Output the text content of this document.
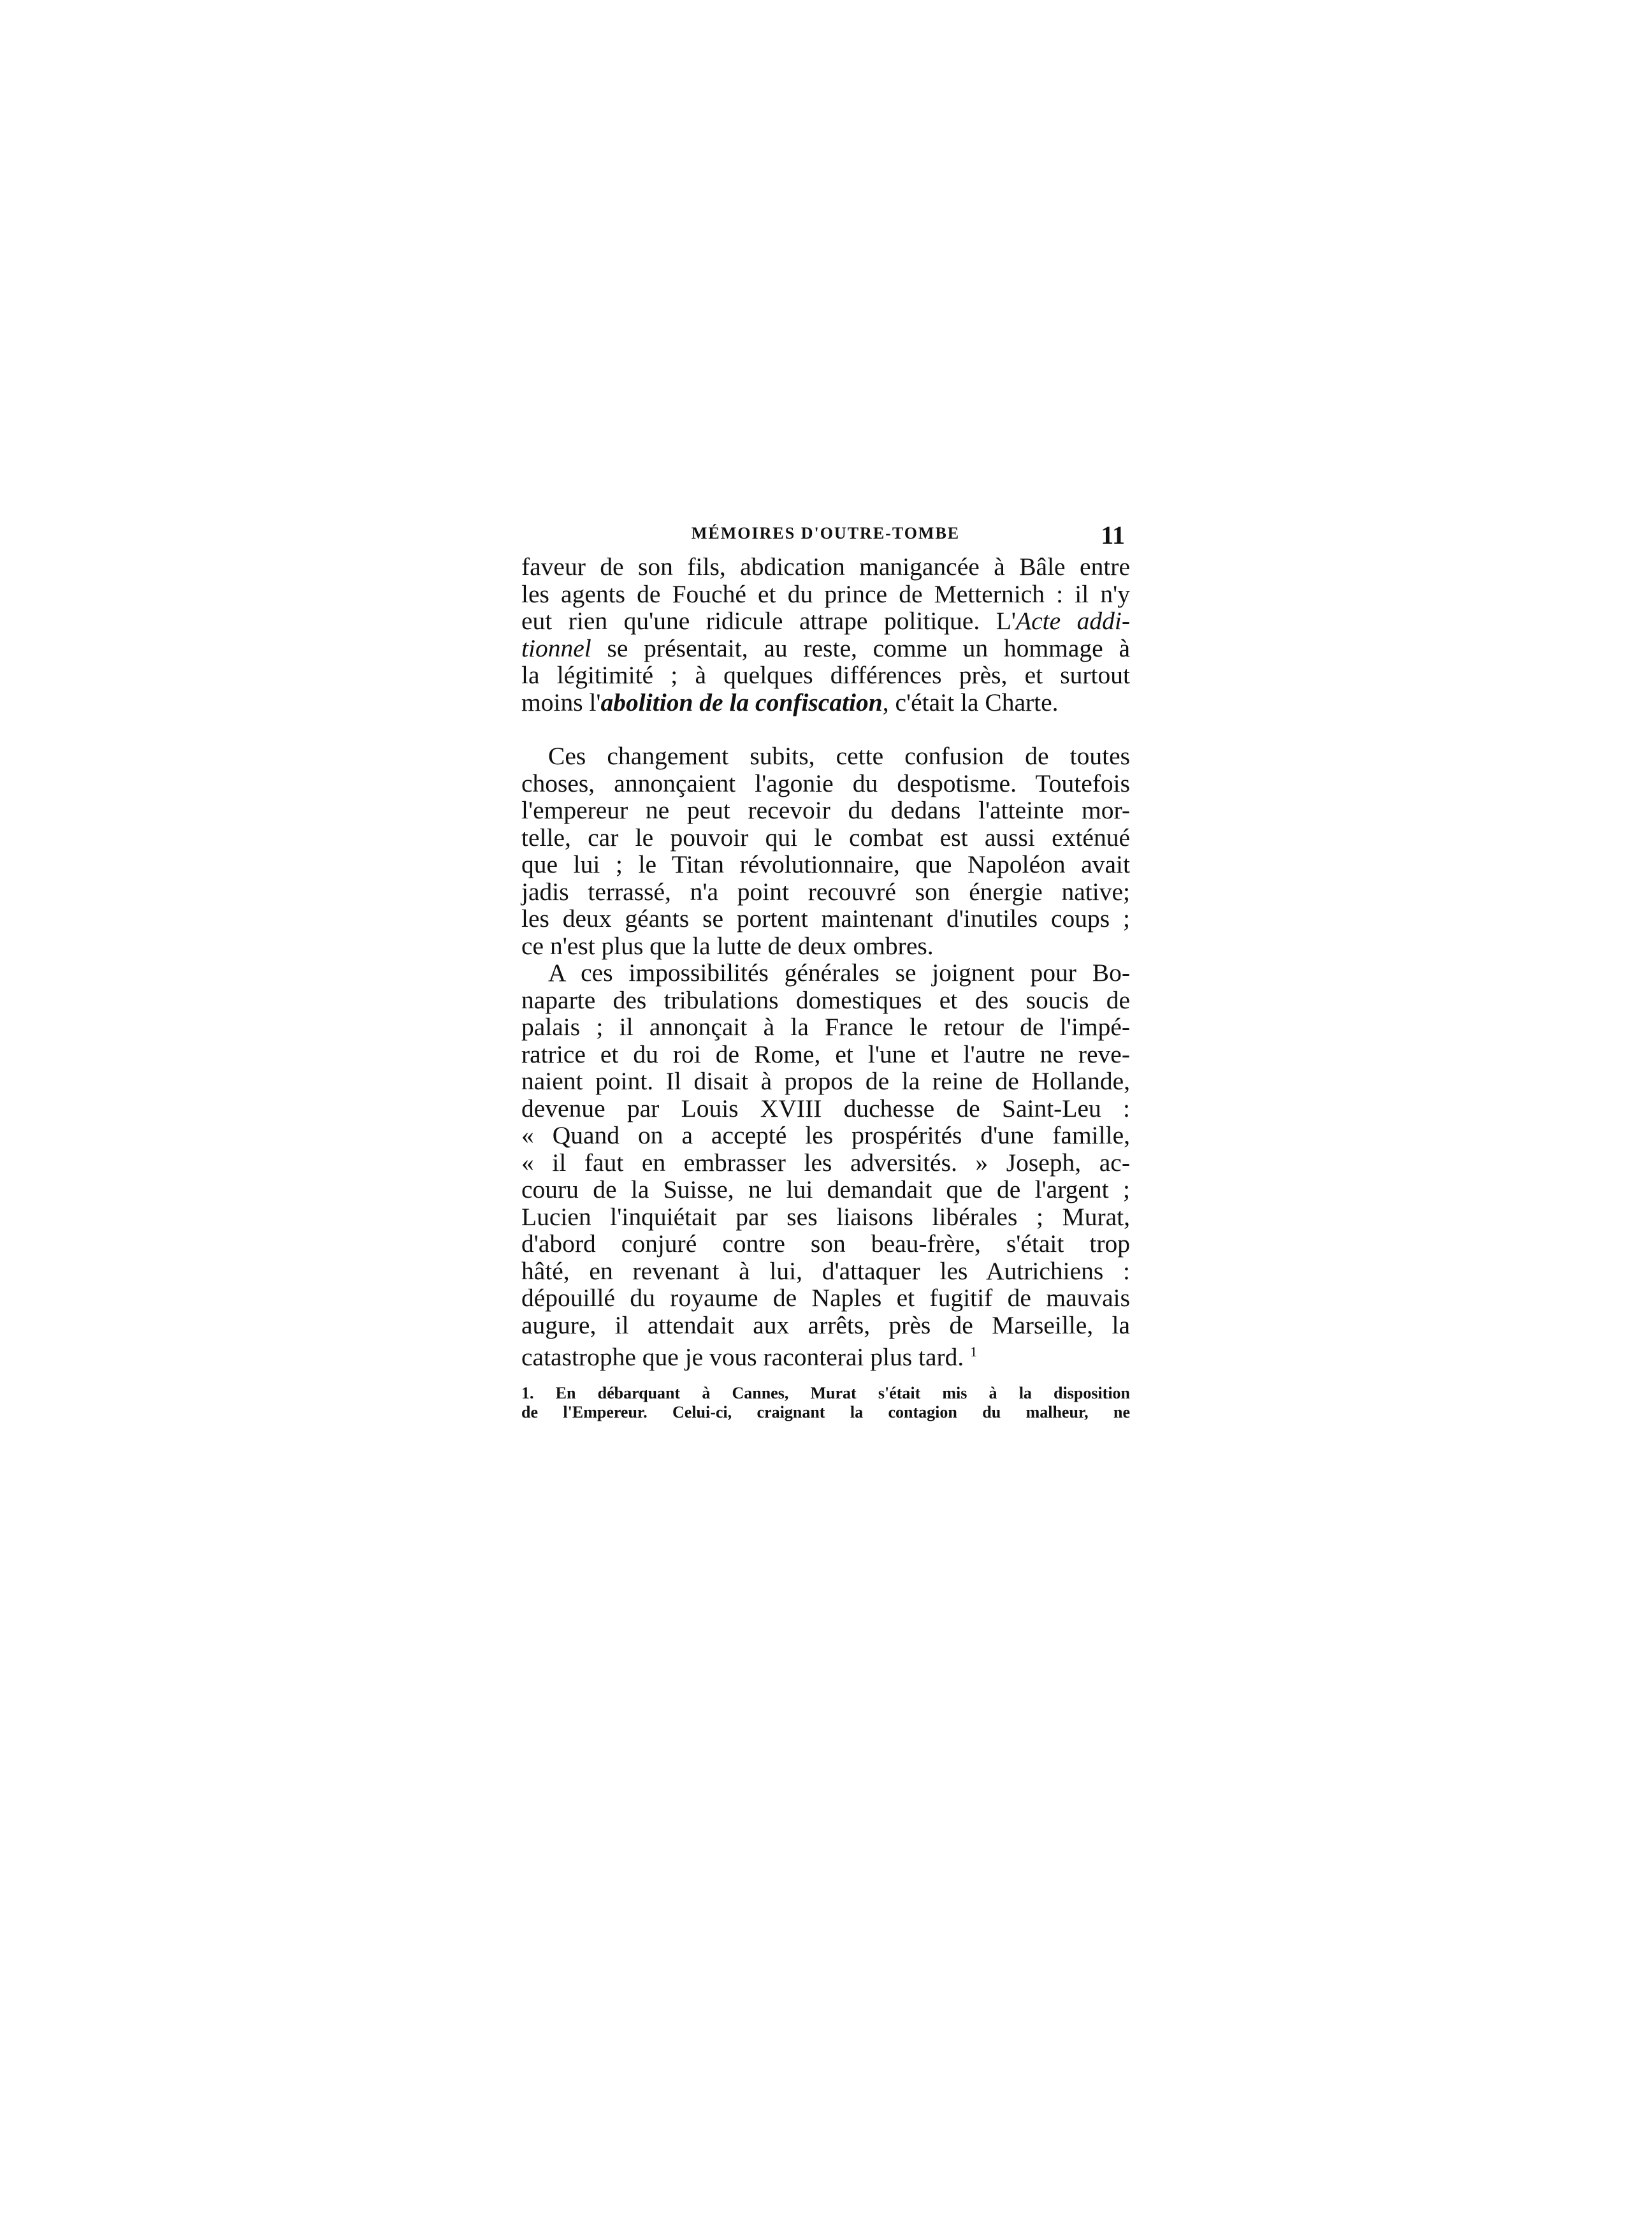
MÉMOIRES D'OUTRE-TOMBE	11

faveur de son fils, abdication manigancée à Bâle entre
les agents de Fouché et du prince de Metternich : il n'y
eut rien qu'une ridicule attrape politique. L'Acte addi-
tionnel se présentait, au reste, comme un hommage à
la légitimité ; à quelques différences près, et surtout
moins l'abolition de la confiscation, c'était la Charte.

Ces changement subits, cette confusion de toutes
choses, annonçaient l'agonie du despotisme. Toutefois
l'empereur ne peut recevoir du dedans l'atteinte mor-
telle, car le pouvoir qui le combat est aussi exténué
que lui ; le Titan révolutionnaire, que Napoléon avait
jadis terrassé, n'a point recouvré son énergie native;
les deux géants se portent maintenant d'inutiles coups ;
ce n'est plus que la lutte de deux ombres.

A ces impossibilités générales se joignent pour Bo-
naparte des tribulations domestiques et des soucis de
palais ; il annonçait à la France le retour de l'impé-
ratrice et du roi de Rome, et l'une et l'autre ne reve-
naient point. Il disait à propos de la reine de Hollande,
devenue par Louis XVIII duchesse de Saint-Leu :
« Quand on a accepté les prospérités d'une famille,
« il faut en embrasser les adversités. » Joseph, ac-
couru de la Suisse, ne lui demandait que de l'argent ;
Lucien l'inquiétait par ses liaisons libérales ; Murat,
d'abord conjuré contre son beau-frère, s'était trop
hâté, en revenant à lui, d'attaquer les Autrichiens :
dépouillé du royaume de Naples et fugitif de mauvais
augure, il attendait aux arrêts, près de Marseille, la
catastrophe que je vous raconterai plus tard. $^1$

1. En débarquant à Cannes, Murat s'était mis à la disposition
de l'Empereur. Celui-ci, craignant la contagion du malheur, ne
